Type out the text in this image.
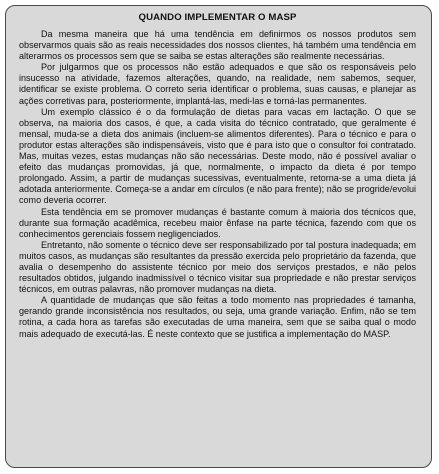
QUANDO IMPLEMENTAR O MASP

Da mesma maneira que há uma tendência em definirmos os nossos produtos sem observarmos quais são as reais necessidades dos nossos clientes, há também uma tendência em alterarmos os processos sem que se saiba se estas alterações são realmente necessárias.

Por julgarmos que os processos não estão adequados e que são os responsáveis pelo insucesso na atividade, fazemos alterações, quando, na realidade, nem sabemos, sequer, identificar se existe problema. O correto seria identificar o problema, suas causas, e planejar as ações corretivas para, posteriormente, implantá-las, medi-las e torná-las permanentes.

Um exemplo clássico é o da formulação de dietas para vacas em lactação. O que se observa, na maioria dos casos, é que, a cada visita do técnico contratado, que geralmente é mensal, muda-se a dieta dos animais (incluem-se alimentos diferentes). Para o técnico e para o produtor estas alterações são indispensáveis, visto que é para isto que o consultor foi contratado. Mas, muitas vezes, estas mudanças não são necessárias. Deste modo, não é possível avaliar o efeito das mudanças promovidas, já que, normalmente, o impacto da dieta é por tempo prolongado. Assim, a partir de mudanças sucessivas, eventualmente, retorna-se a uma dieta já adotada anteriormente. Começa-se a andar em círculos (e não para frente); não se progride/evolui como deveria ocorrer.

Esta tendência em se promover mudanças é bastante comum à maioria dos técnicos que, durante sua formação acadêmica, recebeu maior ênfase na parte técnica, fazendo com que os conhecimentos gerenciais fossem negligenciados.

Entretanto, não somente o técnico deve ser responsabilizado por tal postura inadequada; em muitos casos, as mudanças são resultantes da pressão exercida pelo proprietário da fazenda, que avalia o desempenho do assistente técnico por meio dos serviços prestados, e não pelos resultados obtidos, julgando inadmissível o técnico visitar sua propriedade e não prestar serviços técnicos, em outras palavras, não promover mudanças na dieta.

A quantidade de mudanças que são feitas a todo momento nas propriedades é tamanha, gerando grande inconsistência nos resultados, ou seja, uma grande variação. Enfim, não se tem rotina, a cada hora as tarefas são executadas de uma maneira, sem que se saiba qual o modo mais adequado de executá-las. É neste contexto que se justifica a implementação do MASP.
